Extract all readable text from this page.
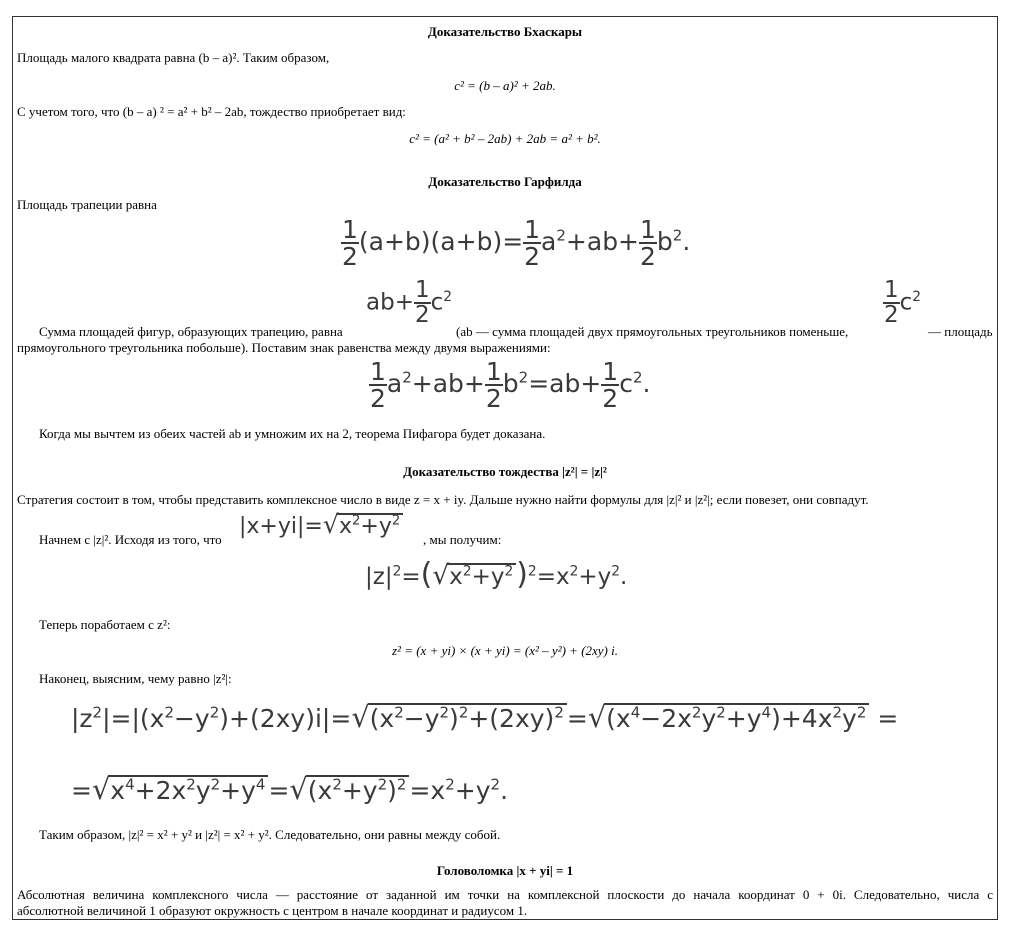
Доказательство Бхаскары

Площадь малого квадрата равна (b – a)². Таким образом,

c² = (b – a)² + 2ab.

С учетом того, что (b – a) ² = a² + b² – 2ab, тождество приобретает вид:

c² = (a² + b² – 2ab) + 2ab = a² + b².

Доказательство Гарфилда

Площадь трапеции равна

$\frac{1}{2} (a+b)(a+b)= \frac{1}{2} a^2+ab+ \frac{1}{2} b^2$.
$ab+ \frac{1}{2} c^2$	$\frac{1}{2} c^2$

Сумма площадей фигур, образующих трапецию, равна	(ab — сумма площадей двух прямоугольных треугольников поменьше,	— площадь

прямоугольного треугольника побольше). Поставим знак равенства между двумя выражениями:

$\frac{1}{2} a^2+ab+ \frac{1}{2} b^2=ab+ \frac{1}{2} c^2$.

Когда мы вычтем из обеих частей ab и умножим их на 2, теорема Пифагора будет доказана.

Доказательство тождества |z²| = |z|²

Стратегия состоит в том, чтобы представить комплексное число в виде z = x + iy. Дальше нужно найти формулы для |z|² и |z²|; если повезет, они совпадут.

Начнем с |z|². Исходя из того, что

$|x+yi|=√x^2+y^2$

, мы получим:

$|z|^2=(√x^2+y^2$ )$^2=x^2+y^2$.

Теперь поработаем с z²:

z² = (x + yi) × (x + yi) = (x² – y²) + (2xy) i.

Наконец, выясним, чему равно |z²|:

$|z^2|=|(x^2-y^2)+(2xy)i|=√(x^2-y^2)^2+(2xy)^2 =√(x^4-2x^2y^2+y^4)+4x^2y^2$ =
$=√x^4+2x^2y^2+y^4 =√(x^2+y^2)^2 =x^2+y^2$.

Таким образом, |z|² = x² + y² и |z²| = x² + y². Следовательно, они равны между собой.

Головоломка |x + yi| = 1

Абсолютная величина комплексного числа — расстояние от заданной им точки на комплексной плоскости до начала координат 0 + 0i. Следовательно, числа с

абсолютной величиной 1 образуют окружность с центром в начале координат и радиусом 1.
